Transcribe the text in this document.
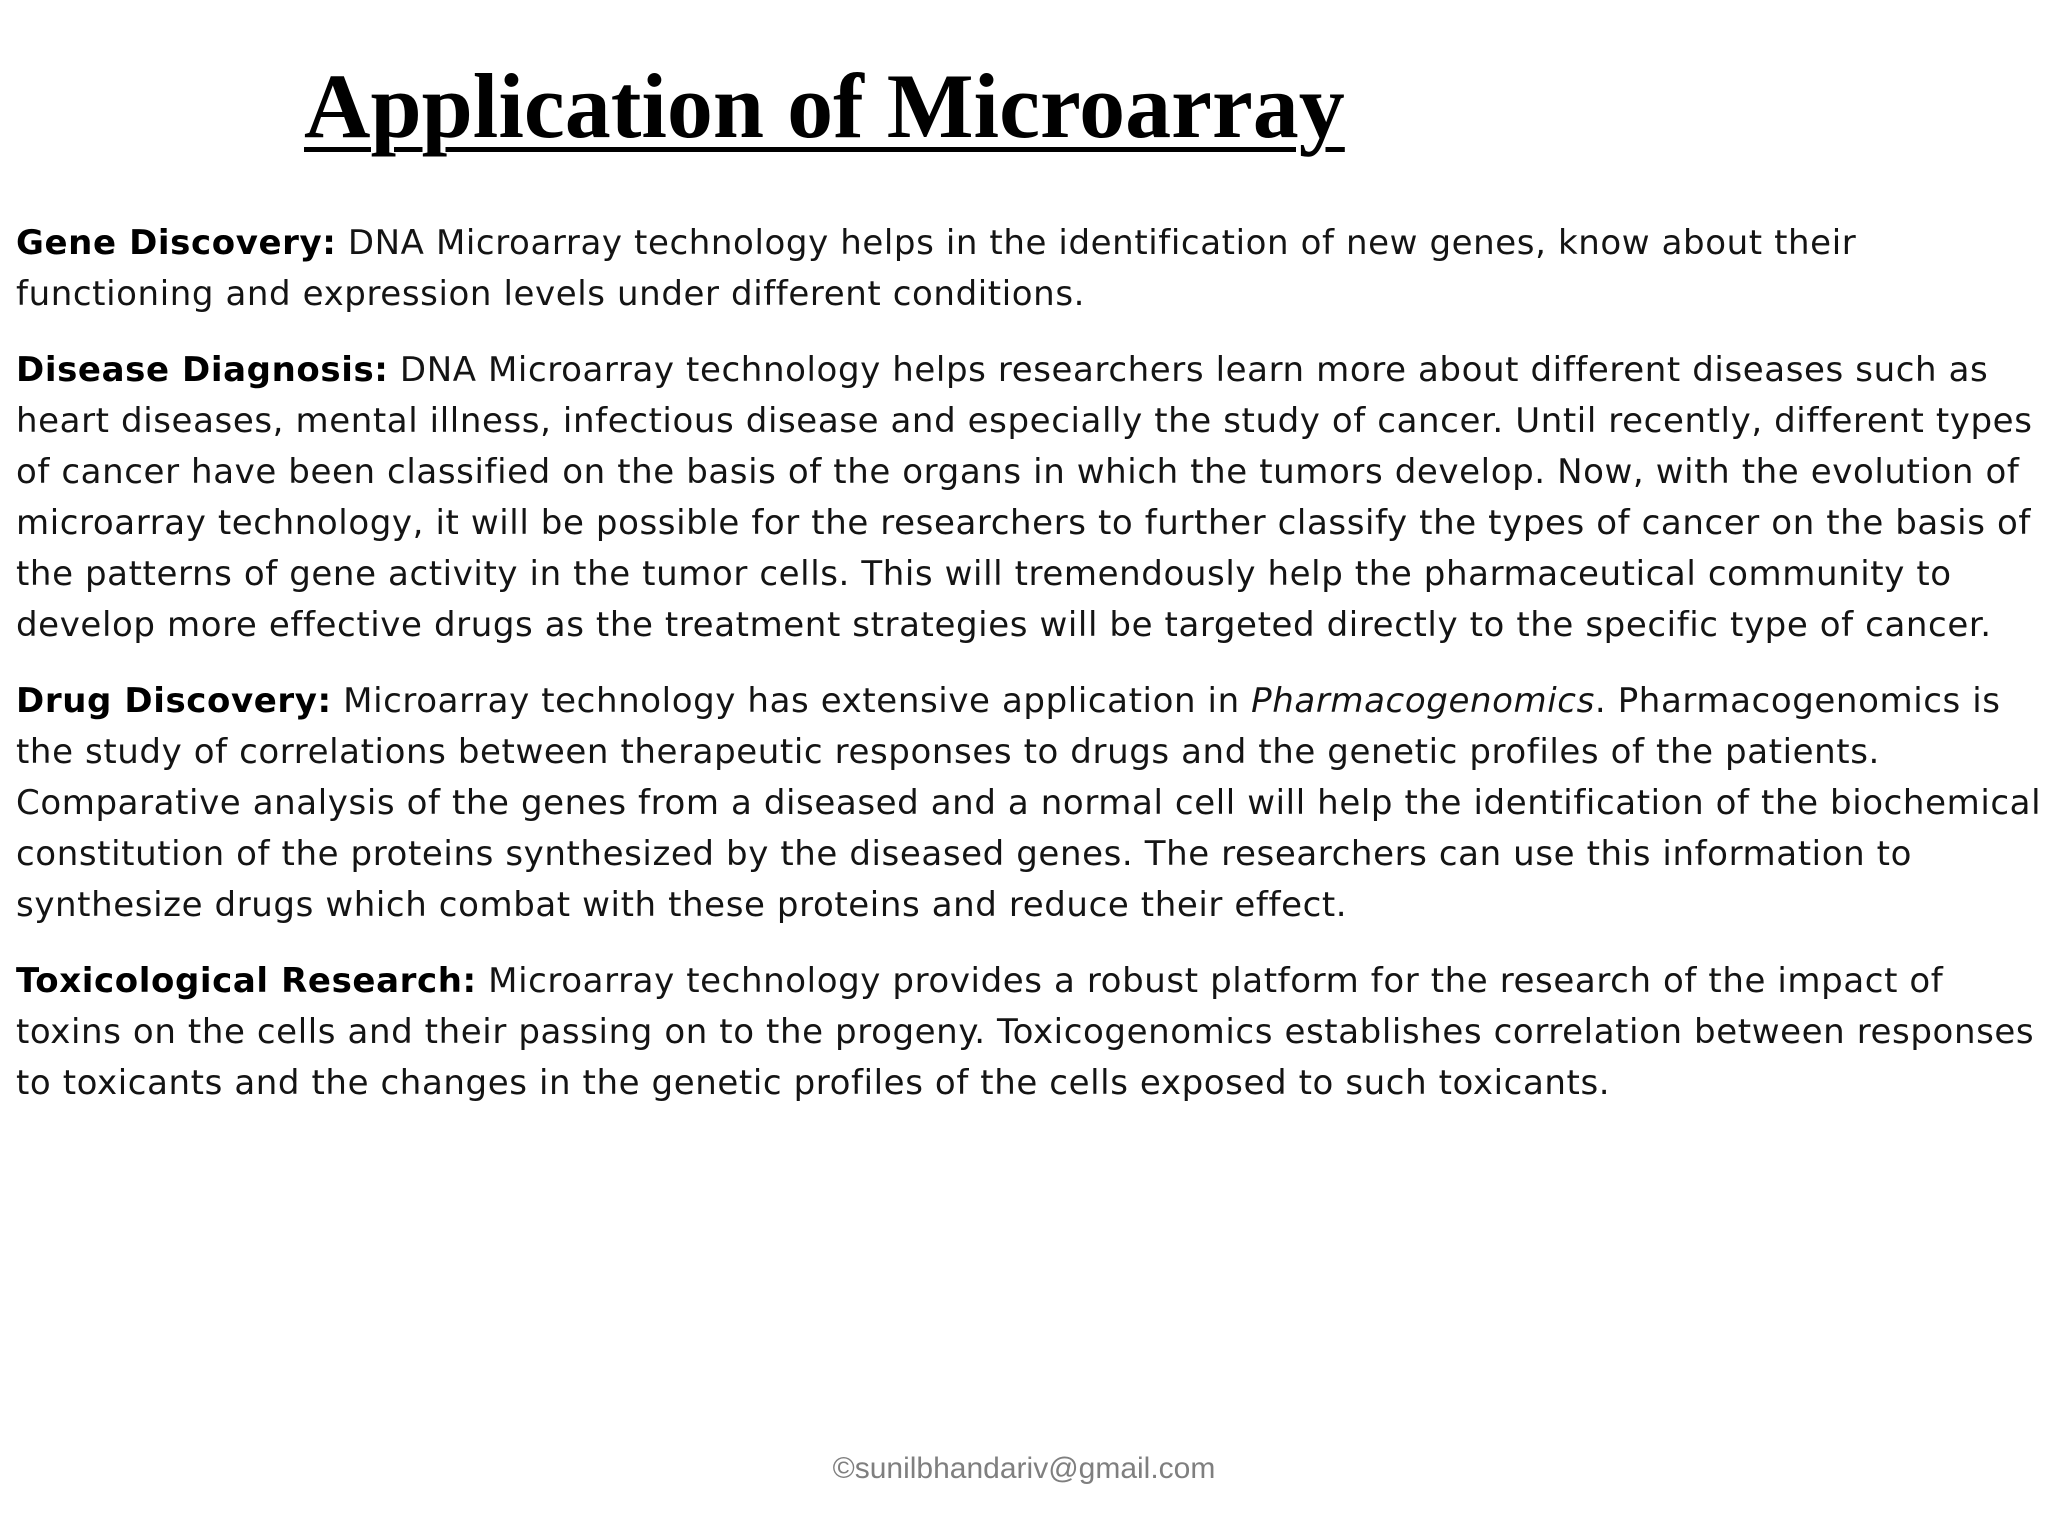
Application of Microarray

Gene Discovery: DNA Microarray technology helps in the identification of new genes, know about their functioning and expression levels under different conditions.

Disease Diagnosis: DNA Microarray technology helps researchers learn more about different diseases such as heart diseases, mental illness, infectious disease and especially the study of cancer. Until recently, different types of cancer have been classified on the basis of the organs in which the tumors develop. Now, with the evolution of microarray technology, it will be possible for the researchers to further classify the types of cancer on the basis of the patterns of gene activity in the tumor cells. This will tremendously help the pharmaceutical community to develop more effective drugs as the treatment strategies will be targeted directly to the specific type of cancer.

Drug Discovery: Microarray technology has extensive application in Pharmacogenomics. Pharmacogenomics is the study of correlations between therapeutic responses to drugs and the genetic profiles of the patients. Comparative analysis of the genes from a diseased and a normal cell will help the identification of the biochemical constitution of the proteins synthesized by the diseased genes. The researchers can use this information to synthesize drugs which combat with these proteins and reduce their effect.

Toxicological Research: Microarray technology provides a robust platform for the research of the impact of toxins on the cells and their passing on to the progeny. Toxicogenomics establishes correlation between responses to toxicants and the changes in the genetic profiles of the cells exposed to such toxicants.

©sunilbhandariv@gmail.com
